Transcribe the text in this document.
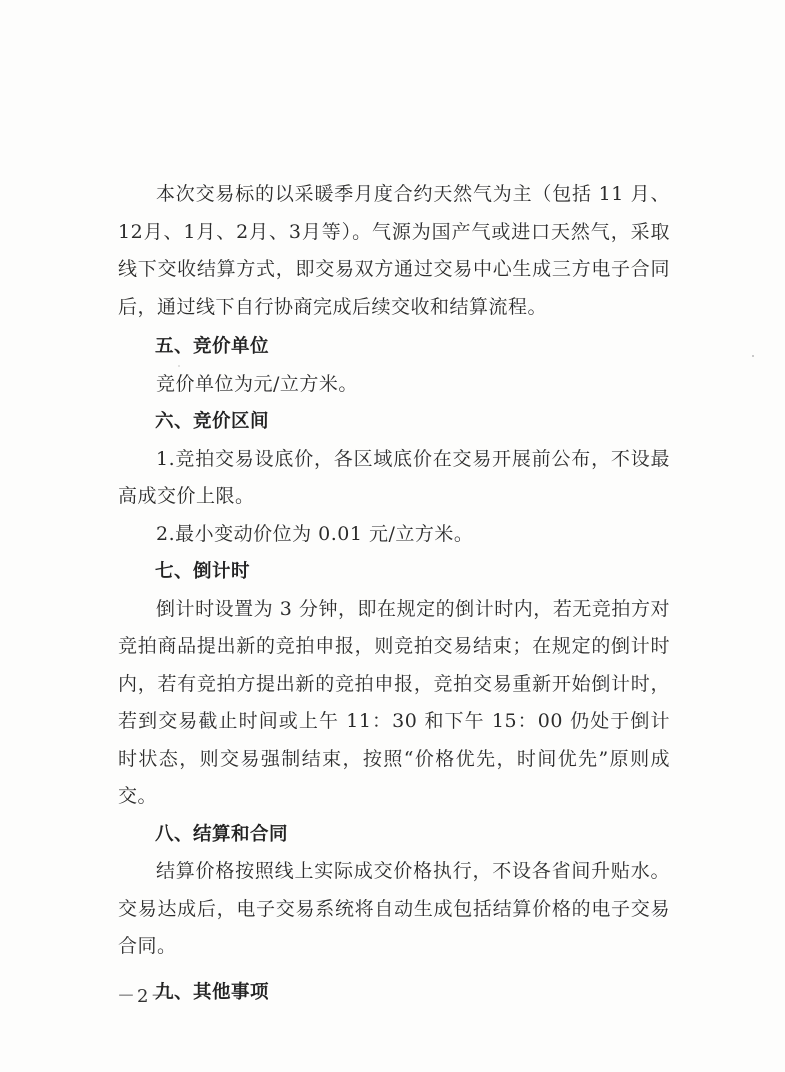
本次交易标的以采暖季月度合约天然气为主（包括 11 月、12月、1月、2月、3月等）。气源为国产气或进口天然气，采取线下交收结算方式，即交易双方通过交易中心生成三方电子合同后，通过线下自行协商完成后续交收和结算流程。

五、竞价单位

竞价单位为元/立方米。

六、竞价区间

1.竞拍交易设底价，各区域底价在交易开展前公布，不设最高成交价上限。

2.最小变动价位为 0.01 元/立方米。

七、倒计时

倒计时设置为 3 分钟，即在规定的倒计时内，若无竞拍方对竞拍商品提出新的竞拍申报，则竞拍交易结束；在规定的倒计时内，若有竞拍方提出新的竞拍申报，竞拍交易重新开始倒计时，若到交易截止时间或上午 11：30 和下午 15：00 仍处于倒计时状态，则交易强制结束，按照“价格优先，时间优先”原则成交。

八、结算和合同

结算价格按照线上实际成交价格执行，不设各省间升贴水。交易达成后，电子交易系统将自动生成包括结算价格的电子交易合同。

九、其他事项

－2－
